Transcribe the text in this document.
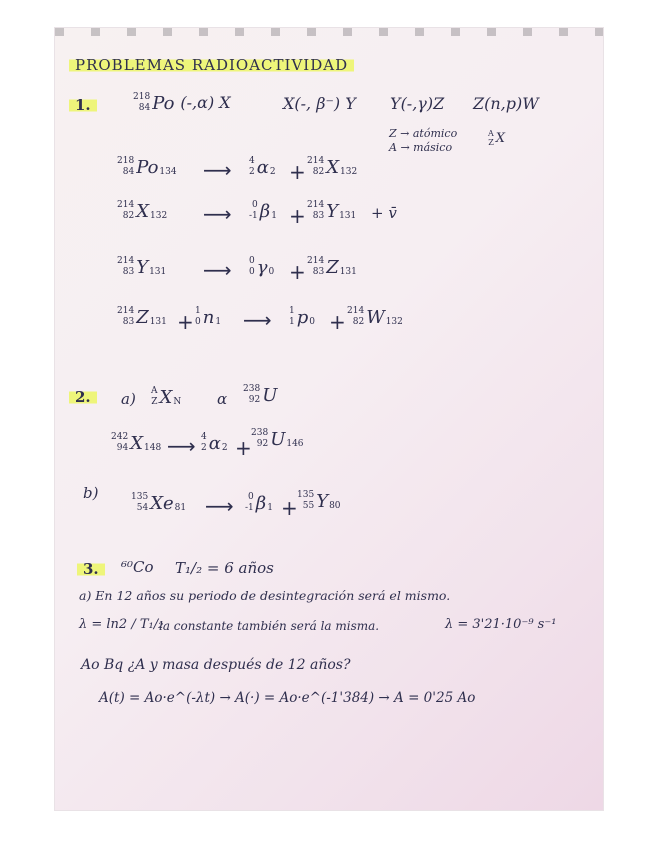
PROBLEMAS RADIOACTIVIDAD
1.	218
84 Po (-,α) X	X(-, β⁻) Y Y(-,γ)Z Z(n,p)W
Z → atómico
A → másico
A
Z X
2.	a) A
Z X N α
238
92 U
b)
3.	⁶⁰Co T₁/₂ = 6 años
a) En 12 años su periodo de desintegración será el mismo.
λ = ln2 / T₁/₂
la constante también será la misma.	λ = 3'21·10⁻⁹ s⁻¹
Ao Bq ¿A y masa después de 12 años?
A(t) = Ao·e^(-λt) → A(·) = Ao·e^(-1'384) → A = 0'25 Ao
218
84 Po 134 ⟶ 4
2 α 2 + 214
82 X 132
214
82 X 132 ⟶ 0
-1 β 1 + 214
83 Y 131 + v̄
214
83 Y 131 ⟶ 0
0 γ 0 + 214
83 Z 131
214
83 Z 131 + 1
0 n 1 ⟶ 1
1 p 0 + 214
82 W 132
242
94 X 148 ⟶ 4
2 α 2 +
238
92 U 146
135
54 Xe 81 ⟶ 0
-1 β 1 +
135
55 Y 80
